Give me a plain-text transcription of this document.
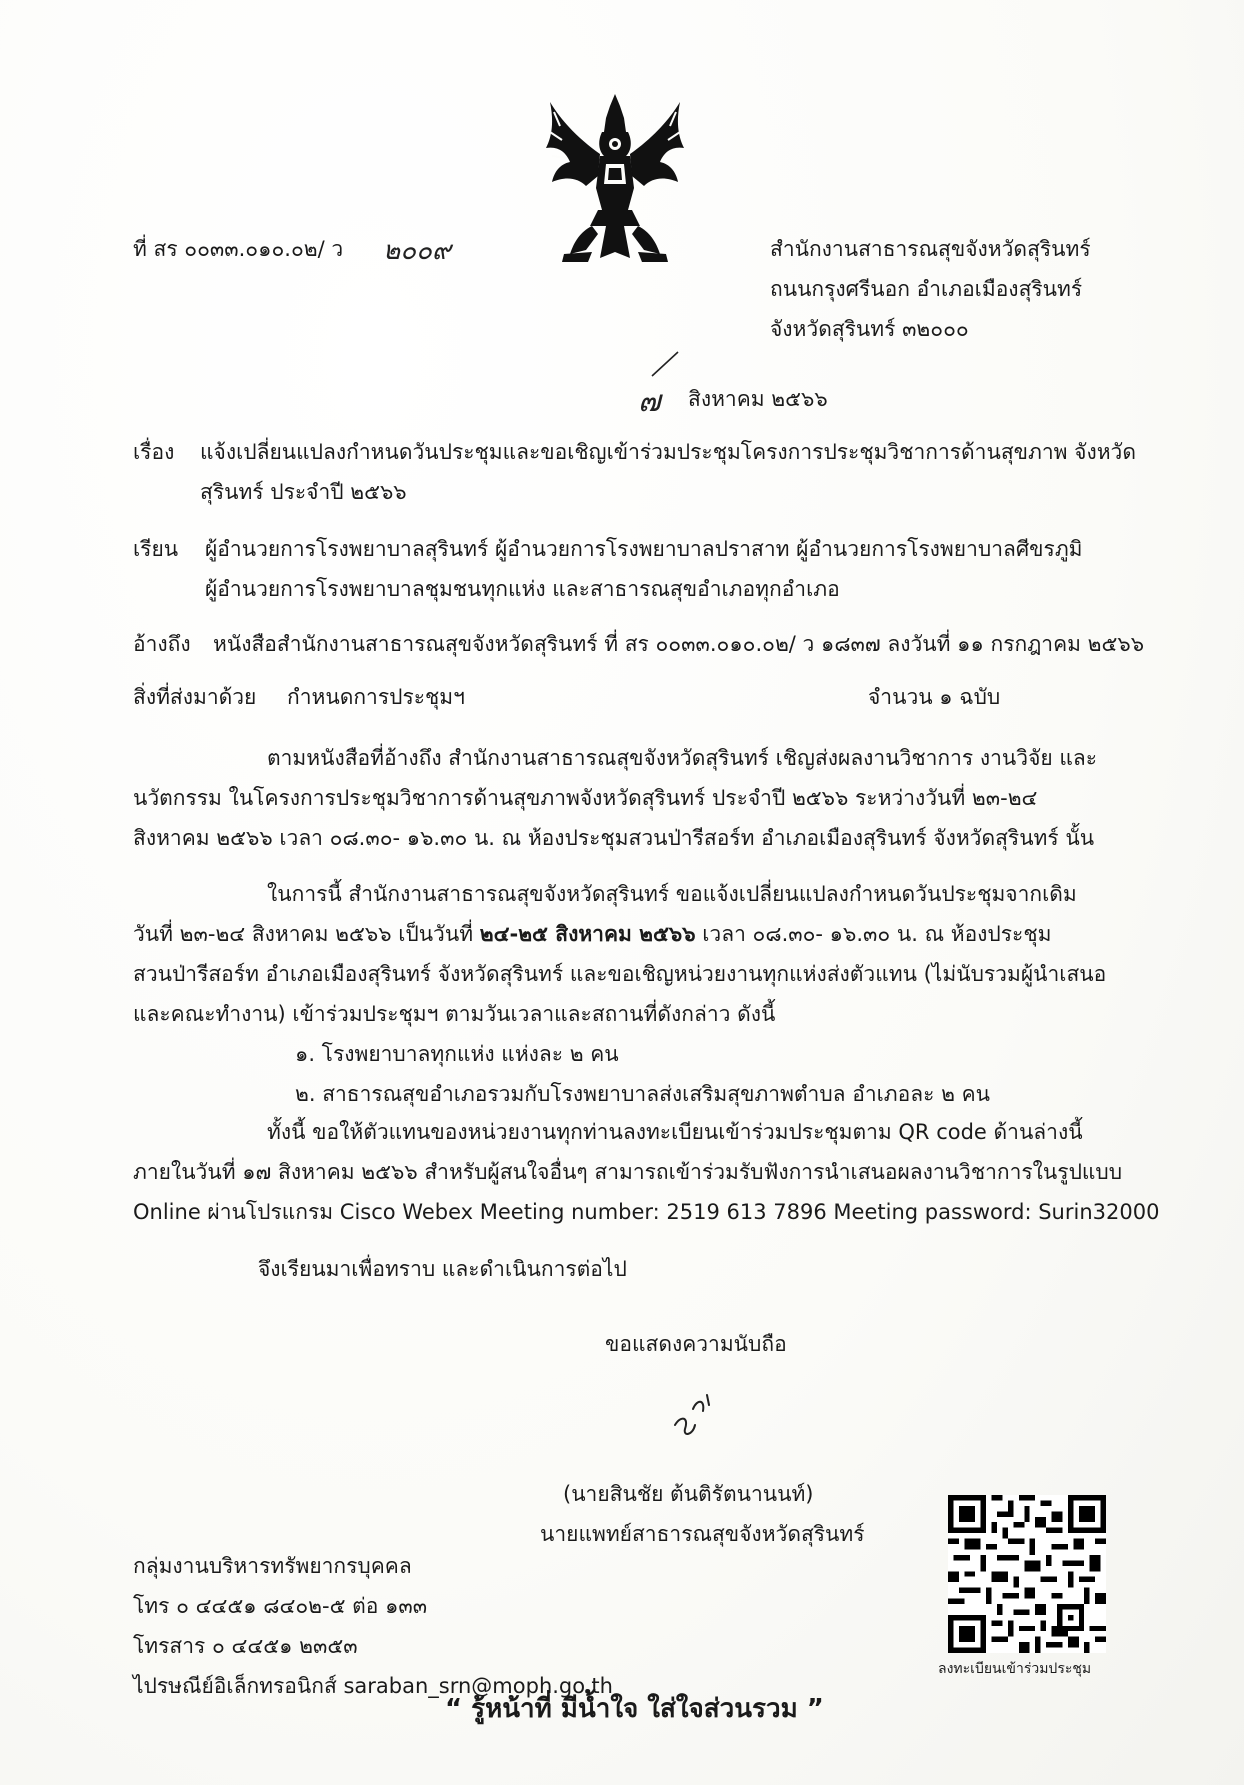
ที่ สร ๐๐๓๓.๐๑๐.๐๒/ ว ๒๐๐๙	สำนักงานสาธารณสุขจังหวัดสุรินทร์
ถนนกรุงศรีนอก อำเภอเมืองสุรินทร์
จังหวัดสุรินทร์ ๓๒๐๐๐
๗ สิงหาคม ๒๕๖๖
เรื่อง แจ้งเปลี่ยนแปลงกำหนดวันประชุมและขอเชิญเข้าร่วมประชุมโครงการประชุมวิชาการด้านสุขภาพ จังหวัด
สุรินทร์ ประจำปี ๒๕๖๖
เรียน ผู้อำนวยการโรงพยาบาลสุรินทร์ ผู้อำนวยการโรงพยาบาลปราสาท ผู้อำนวยการโรงพยาบาลศีขรภูมิ
ผู้อำนวยการโรงพยาบาลชุมชนทุกแห่ง และสาธารณสุขอำเภอทุกอำเภอ
อ้างถึง หนังสือสำนักงานสาธารณสุขจังหวัดสุรินทร์ ที่ สร ๐๐๓๓.๐๑๐.๐๒/ ว ๑๘๓๗ ลงวันที่ ๑๑ กรกฎาคม ๒๕๖๖
สิ่งที่ส่งมาด้วย กำหนดการประชุมฯ	จำนวน ๑ ฉบับ
ตามหนังสือที่อ้างถึง สำนักงานสาธารณสุขจังหวัดสุรินทร์ เชิญส่งผลงานวิชาการ งานวิจัย และ
นวัตกรรม ในโครงการประชุมวิชาการด้านสุขภาพจังหวัดสุรินทร์ ประจำปี ๒๕๖๖ ระหว่างวันที่ ๒๓-๒๔
สิงหาคม ๒๕๖๖ เวลา ๐๘.๓๐- ๑๖.๓๐ น. ณ ห้องประชุมสวนป่ารีสอร์ท อำเภอเมืองสุรินทร์ จังหวัดสุรินทร์ นั้น
ในการนี้ สำนักงานสาธารณสุขจังหวัดสุรินทร์ ขอแจ้งเปลี่ยนแปลงกำหนดวันประชุมจากเดิม
วันที่ ๒๓-๒๔ สิงหาคม ๒๕๖๖ เป็นวันที่ ๒๔-๒๕ สิงหาคม ๒๕๖๖ เวลา ๐๘.๓๐- ๑๖.๓๐ น. ณ ห้องประชุม
สวนป่ารีสอร์ท อำเภอเมืองสุรินทร์ จังหวัดสุรินทร์ และขอเชิญหน่วยงานทุกแห่งส่งตัวแทน (ไม่นับรวมผู้นำเสนอ
และคณะทำงาน) เข้าร่วมประชุมฯ ตามวันเวลาและสถานที่ดังกล่าว ดังนี้
๑. โรงพยาบาลทุกแห่ง แห่งละ ๒ คน
๒. สาธารณสุขอำเภอรวมกับโรงพยาบาลส่งเสริมสุขภาพตำบล อำเภอละ ๒ คน
ทั้งนี้ ขอให้ตัวแทนของหน่วยงานทุกท่านลงทะเบียนเข้าร่วมประชุมตาม QR code ด้านล่างนี้
ภายในวันที่ ๑๗ สิงหาคม ๒๕๖๖ สำหรับผู้สนใจอื่นๆ สามารถเข้าร่วมรับฟังการนำเสนอผลงานวิชาการในรูปแบบ
Online ผ่านโปรแกรม Cisco Webex Meeting number: 2519 613 7896 Meeting password: Surin32000
จึงเรียนมาเพื่อทราบ และดำเนินการต่อไป
ขอแสดงความนับถือ
(นายสินชัย ต้นติรัตนานนท์)
นายแพทย์สาธารณสุขจังหวัดสุรินทร์
ลงทะเบียนเข้าร่วมประชุม
กลุ่มงานบริหารทรัพยากรบุคคล
โทร ๐ ๔๔๕๑ ๘๔๐๒-๕ ต่อ ๑๓๓
โทรสาร ๐ ๔๔๕๑ ๒๓๕๓
ไปรษณีย์อิเล็กทรอนิกส์ saraban_srn@moph.go.th
“ รู้หน้าที่ มีน้ำใจ ใส่ใจส่วนรวม ”
